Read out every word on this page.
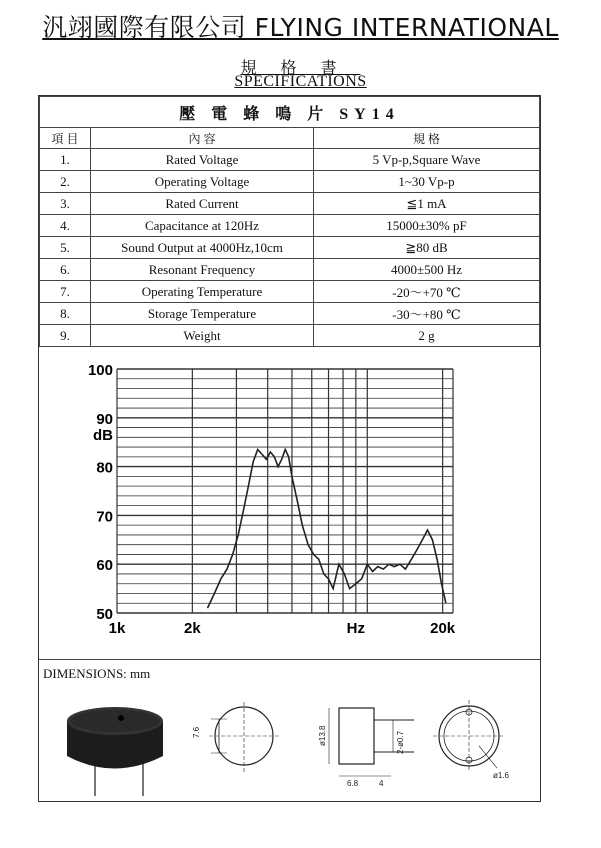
汎翊國際有限公司 FLYING INTERNATIONAL
規格書
SPECIFICATIONS
壓 電 蜂 鳴 片 SY14		
項 目	內 容	規 格
1.	Rated Voltage	5 Vp-p,Square Wave
2.	Operating Voltage	1~30 Vp-p
3.	Rated Current	≦1 mA
4.	Capacitance at 120Hz	15000±30% pF
5.	Sound Output at 4000Hz,10cm	≧80 dB
6.	Resonant Frequency	4000±500 Hz
7.	Operating Temperature	-20～+70 ℃
8.	Storage Temperature	-30～+80 ℃
9.	Weight	2 g
50
60
70
80
90
100
1k	2k	Hz	20k
dB
DIMENSIONS: mm
7.6	ø13.8	2-ø0.7
6.8	4
ø1.6
